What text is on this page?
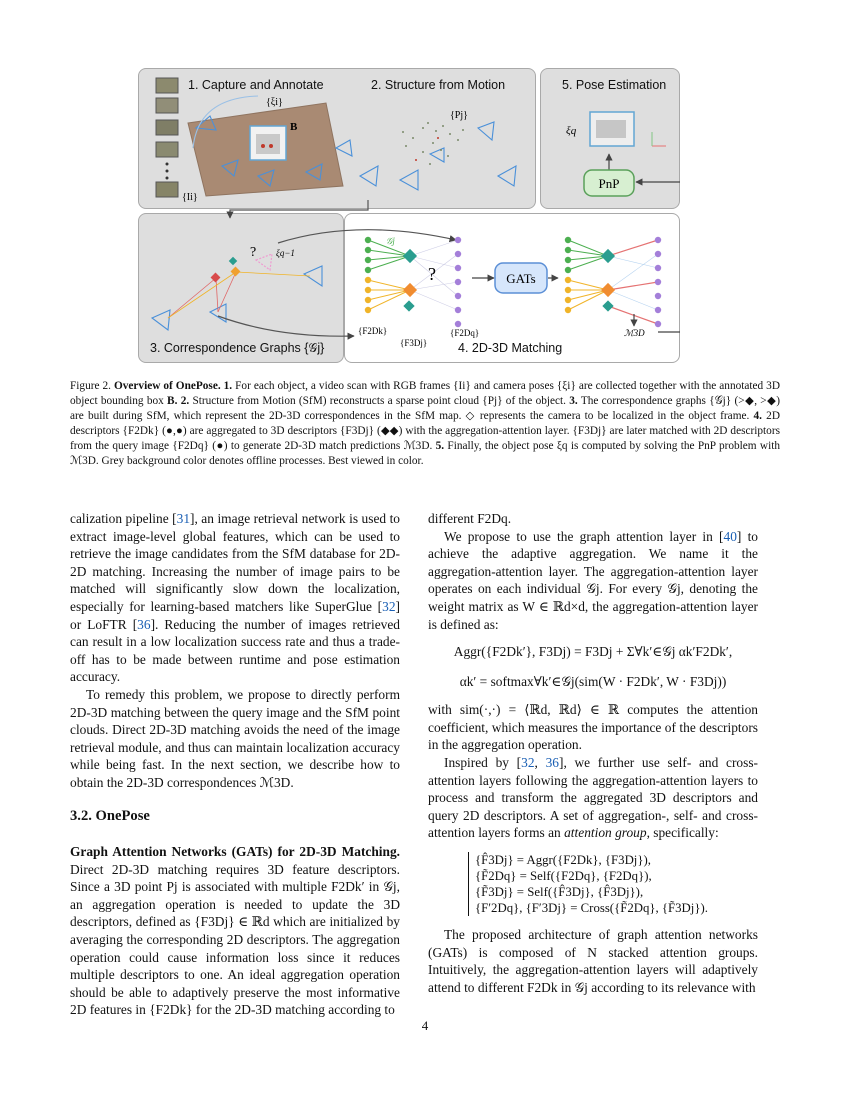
1. Capture and Annotate	2. Structure from Motion	5. Pose Estimation
3. Correspondence Graphs {𝒢j}	4. 2D-3D Matching
{ξi}
B
{Ii}
{Pj}
ξq
PnP
? ξq−1
?
𝒢j
GATs
ℳ3D
{F2Dk}
{F3Dj}
{F2Dq}
Figure 2. Overview of OnePose. 1. For each object, a video scan with RGB frames {Ii} and camera poses {ξi} are collected together with the annotated 3D object bounding box B. 2. Structure from Motion (SfM) reconstructs a sparse point cloud {Pj} of the object. 3. The correspondence graphs {𝒢j} (>◆, >◆) are built during SfM, which represent the 2D-3D correspondences in the SfM map. ◇ represents the camera to be localized in the object frame. 4. 2D descriptors {F2Dk} (●,●) are aggregated to 3D descriptors {F3Dj} (◆◆) with the aggregation-attention layer. {F3Dj} are later matched with 2D descriptors from the query image {F2Dq} (●) to generate 2D-3D match predictions ℳ3D. 5. Finally, the object pose ξq is computed by solving the PnP problem with ℳ3D. Grey background color denotes offline processes. Best viewed in color.

calization pipeline [31], an image retrieval network is used to extract image-level global features, which can be used to retrieve the image candidates from the SfM database for 2D-2D matching. Increasing the number of image pairs to be matched will significantly slow down the localization, especially for learning-based matchers like SuperGlue [32] or LoFTR [36]. Reducing the number of images retrieved can result in a low localization success rate and thus a trade-off has to be made between runtime and pose estimation accuracy.

To remedy this problem, we propose to directly perform 2D-3D matching between the query image and the SfM point clouds. Direct 2D-3D matching avoids the need of the image retrieval module, and thus can maintain localization accuracy while being fast. In the next section, we describe how to obtain the 2D-3D correspondences ℳ3D.

3.2. OnePose

Graph Attention Networks (GATs) for 2D-3D Matching. Direct 2D-3D matching requires 3D feature descriptors. Since a 3D point Pj is associated with multiple F2Dk′ in 𝒢j, an aggregation operation is needed to update the 3D descriptors, defined as {F3Dj} ∈ ℝd which are initialized by averaging the corresponding 2D descriptors. The aggregation operation could cause information loss since it reduces multiple descriptors to one. An ideal aggregation operation should be able to adaptively preserve the most informative 2D features in {F2Dk} for the 2D-3D matching according to

different F2Dq.

We propose to use the graph attention layer in [40] to achieve the adaptive aggregation. We name it the aggregation-attention layer. The aggregation-attention layer operates on each individual 𝒢j. For every 𝒢j, denoting the weight matrix as W ∈ ℝd×d, the aggregation-attention layer is defined as:

Aggr({F2Dk′}, F3Dj) = F3Dj + Σ∀k′∈𝒢j αk′F2Dk′,
αk′ = softmax∀k′∈𝒢j(sim(W · F2Dk′, W · F3Dj))

with sim(·,·) = ⟨ℝd, ℝd⟩ ∈ ℝ computes the attention coefficient, which measures the importance of the descriptors in the aggregation operation.

Inspired by [32, 36], we further use self- and cross-attention layers following the aggregation-attention layers to process and transform the aggregated 3D descriptors and query 2D descriptors. A set of aggregation-, self- and cross-attention layers forms an attention group, specifically:

{F̂3Dj} = Aggr({F2Dk}, {F3Dj}),
{F̃2Dq} = Self({F2Dq}, {F2Dq}),
{F̃3Dj} = Self({F̂3Dj}, {F̂3Dj}),
{F′2Dq}, {F′3Dj} = Cross({F̃2Dq}, {F̃3Dj}).

The proposed architecture of graph attention networks (GATs) is composed of N stacked attention groups. Intuitively, the aggregation-attention layers will adaptively attend to different F2Dk in 𝒢j according to its relevance with

4
